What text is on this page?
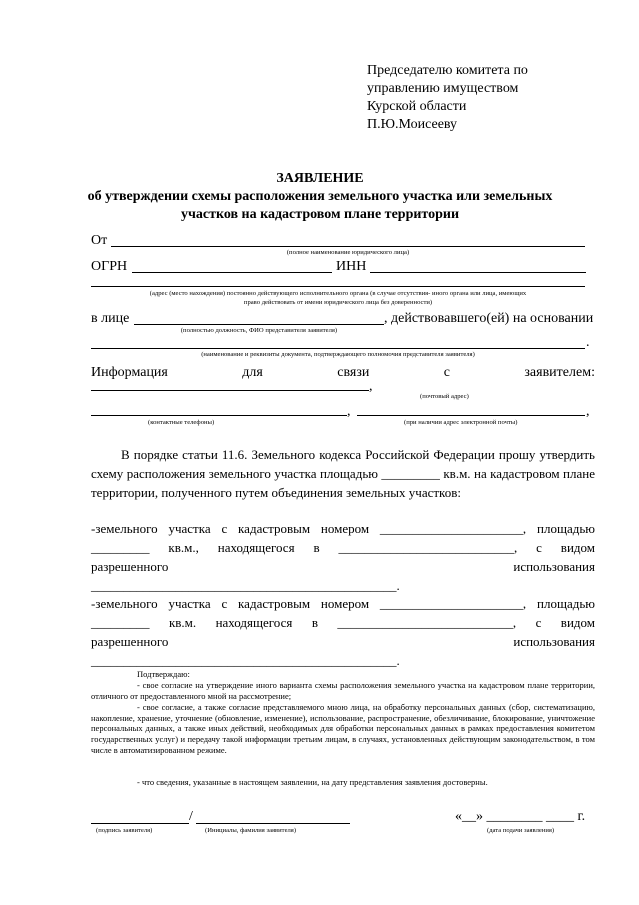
Председателю комитета по
управлению имуществом
Курской области
П.Ю.Моисееву
ЗАЯВЛЕНИЕ
об утверждении схемы расположения земельного участка или земельных
участков на кадастровом плане территории
От
(полное наименование юридического лица)
ОГРН	ИНН
(адрес (место нахождения) постоянно действующего исполнительного органа (в случае отсутствия- иного органа или лица, имеющих
право действовать от имени юридического лица без доверенности)
в лице	, действовавшего(ей) на основании
(полностью должность, ФИО представителя заявителя)
.
(наименование и реквизиты документа, подтверждающего полномочия представителя заявителя)
Информация	для	связи	с	заявителем:
,
(почтовый адрес)
,	,
(контактные телефоны)	(при наличии адрес электронной почты)
В порядке статьи 11.6. Земельного кодекса Российской Федерации прошу утвердить схему расположения земельного участка площадью _________ кв.м. на кадастровом плане территории, полученного путем объединения земельных участков:
-земельного участка с кадастровым номером ______________________, площадью
_________ кв.м., находящегося в ___________________________, с видом
разрешенного использования
_______________________________________________.
-земельного участка с кадастровым номером ______________________, площадью
_________ кв.м. находящегося в ___________________________, с видом
разрешенного использования
_______________________________________________.
Подтверждаю:
- свое согласие на утверждение иного варианта схемы расположения земельного участка на кадастровом плане территории, отличного от предоставленного мной на рассмотрение;
- свое согласие, а также согласие представляемого мною лица, на обработку персональных данных (сбор, систематизацию, накопление, хранение, уточнение (обновление, изменение), использование, распространение, обезличивание, блокирование, уничтожение персональных данных, а также иных действий, необходимых для обработки персональных данных в рамках предоставления комитетом государственных услуг) и передачу такой информации третьим лицам, в случаях, установленных действующим законодательством, в том числе в автоматизированном режиме.
- что сведения, указанные в настоящем заявлении, на дату представления заявления достоверны.
/	«__» ________ ____ г.
(подпись заявителя)	(Инициалы, фамилия заявителя)	(дата подачи заявления)
